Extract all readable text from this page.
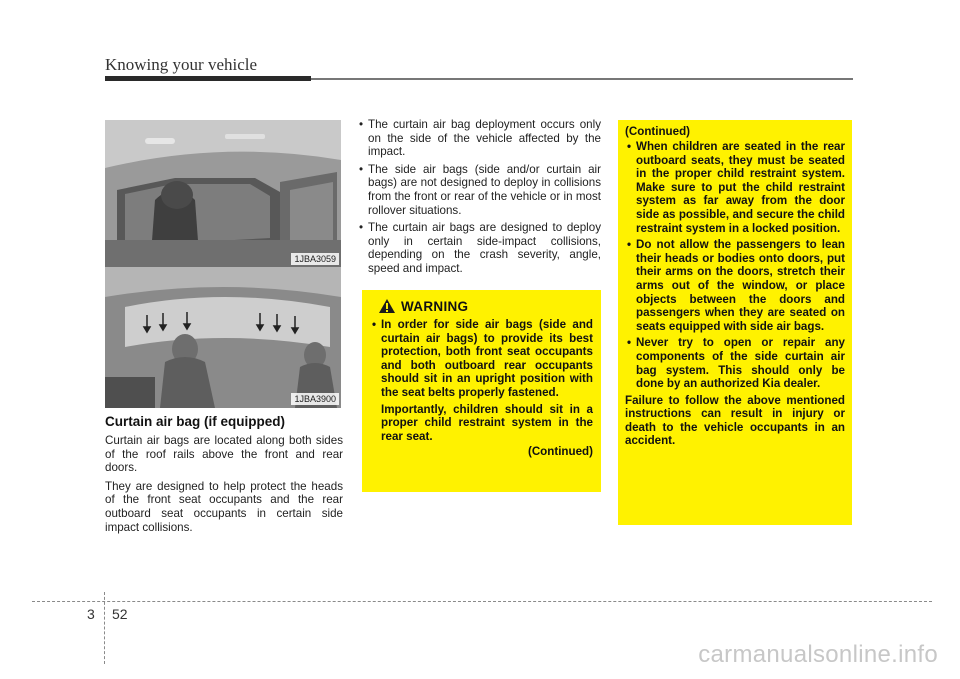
Knowing your vehicle
1JBA3059
1JBA3900
Curtain air bag (if equipped)

Curtain air bags are located along both sides of the roof rails above the front and rear doors.

They are designed to help protect the heads of the front seat occupants and the rear outboard seat occupants in certain side impact collisions.

• The curtain air bag deployment occurs only on the side of the vehicle affected by the impact.
• The side air bags (side and/or curtain air bags) are not designed to deploy in collisions from the front or rear of the vehicle or in most rollover situations.
• The curtain air bags are designed to deploy only in certain side-impact collisions, depending on the crash severity, angle, speed and impact.
WARNING
• In order for side air bags (side and curtain air bags) to provide its best protection, both front seat occupants and both outboard rear occupants should sit in an upright position with the seat belts properly fastened.

Importantly, children should sit in a proper child restraint system in the rear seat.

(Continued)
(Continued)
• When children are seated in the rear outboard seats, they must be seated in the proper child restraint system. Make sure to put the child restraint system as far away from the door side as possible, and secure the child restraint system in a locked position.
• Do not allow the passengers to lean their heads or bodies onto doors, put their arms on the doors, stretch their arms out of the window, or place objects between the doors and passengers when they are seated on seats equipped with side air bags.
• Never try to open or repair any components of the side curtain air bag system. This should only be done by an authorized Kia dealer.

Failure to follow the above mentioned instructions can result in injury or death to the vehicle occupants in an accident.

3 52
carmanualsonline.info
